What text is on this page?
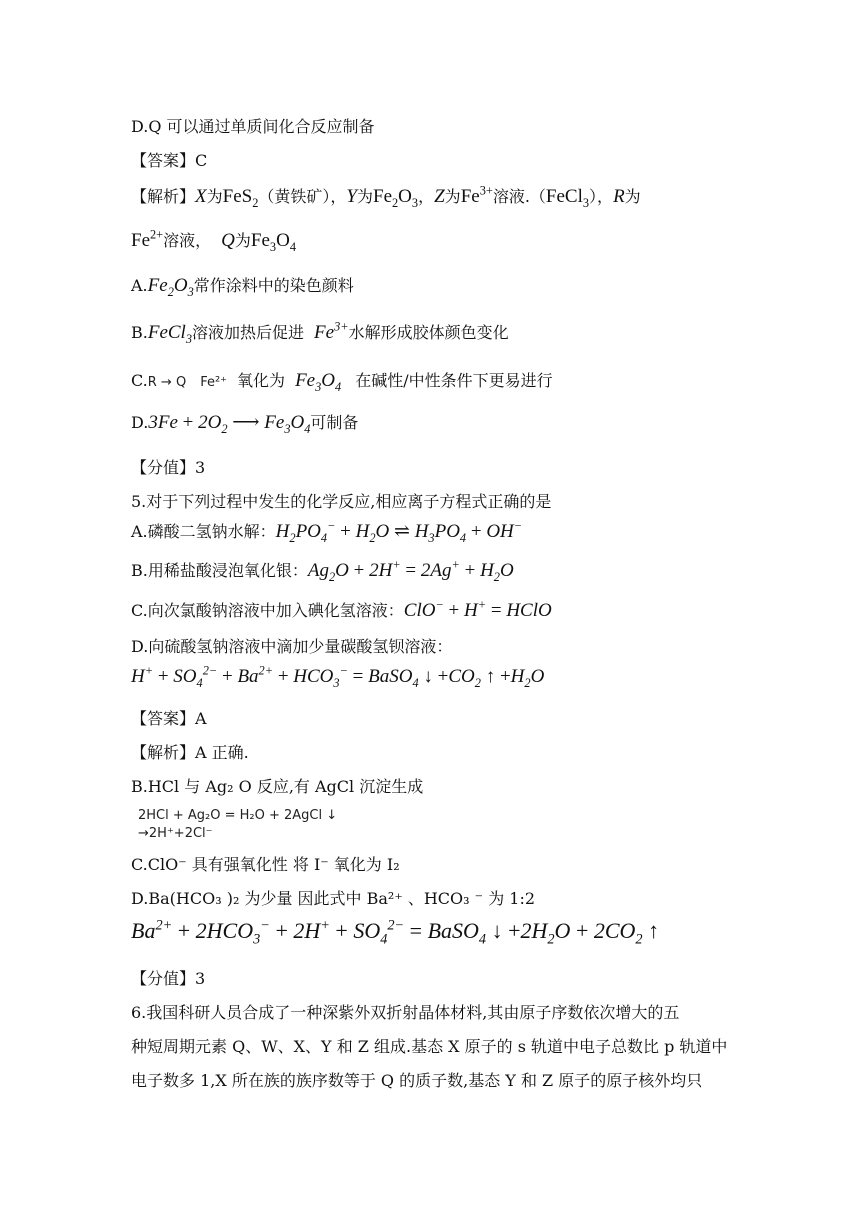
D.Q 可以通过单质间化合反应制备
【答案】C
【解析】X为FeS$_2$（黄铁矿），Y为$Fe_2O_3$，Z为$Fe^{3+}$溶液.（FeCl$_3$），R为
$Fe^{2+}$溶液， Q为$Fe_3O_4$
$A.Fe_2O_3$常作涂料中的染色颜料
B.FeCl$_3$溶液加热后促进 $Fe^{3+}$水解形成胶体颜色变化
C.R → Q Fe²⁺ 氧化为 $Fe_3O_4$ 在碱性/中性条件下更易进行
$D.3Fe + 2O_2$ ⟶ $Fe_3O_4$可制备
【分值】3
5.对于下列过程中发生的化学反应,相应离子方程式正确的是
A.磷酸二氢钠水解：$H_2PO_4^- + H_2O$ ⇌ $H_3PO_4 + OH^-$
B.用稀盐酸浸泡氧化银：$Ag_2O + 2H^+ = 2Ag^+ + H_2O$
C.向次氯酸钠溶液中加入碘化氢溶液：ClO− + H+ = HClO
D.向硫酸氢钠溶液中滴加少量碳酸氢钡溶液：
$H^+ + SO_4^{2-} + Ba^{2+} + HCO_3^-$ = BaSO$_4$ ↓ $+CO_2$ ↑ $+H_2O$
【答案】A
【解析】A 正确.
B.HCl 与 Ag₂ O 反应,有 AgCl 沉淀生成
2HCl + Ag₂O = H₂O + 2AgCl ↓
→2H⁺+2Cl⁻
C.ClO⁻ 具有强氧化性 将 I⁻ 氧化为 I₂
D.Ba(HCO₃ )₂ 为少量 因此式中 Ba²⁺ 、HCO₃ ⁻ 为 1:2
$Ba^{2+} + 2HCO_3^- + 2H^+ + SO_4^{2-}$ = BaSO$_4$ ↓ $+2H_2O + 2CO_2$ ↑
【分值】3
6.我国科研人员合成了一种深紫外双折射晶体材料,其由原子序数依次增大的五
种短周期元素 Q、W、X、Y 和 Z 组成.基态 X 原子的 s 轨道中电子总数比 p 轨道中
电子数多 1,X 所在族的族序数等于 Q 的质子数,基态 Y 和 Z 原子的原子核外均只
